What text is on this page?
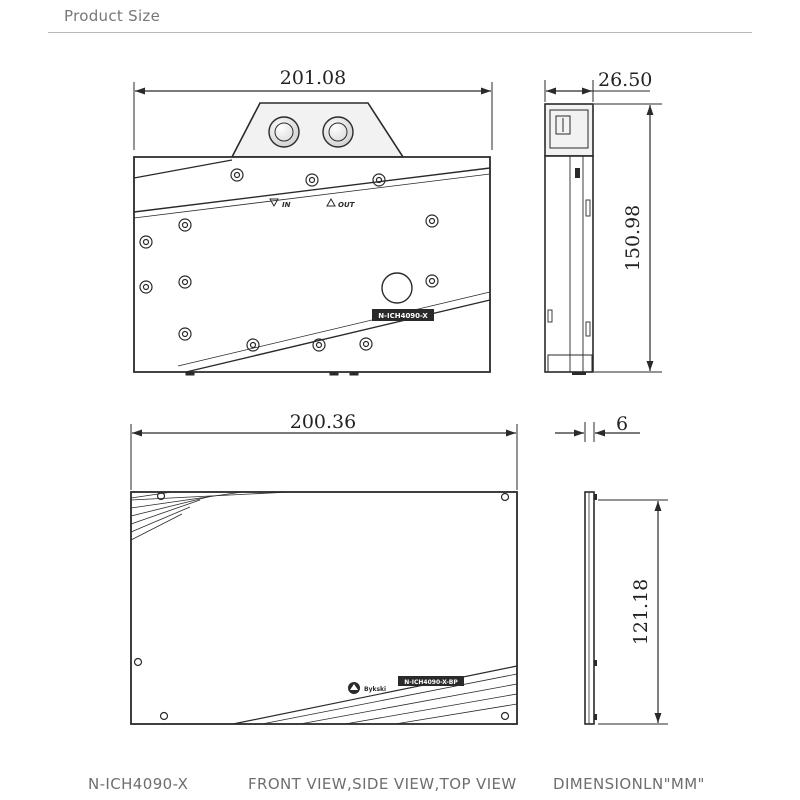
Product Size
201.08
IN	OUT
N-ICH4090-X
26.50
150.98
200.36
Bykski
N-ICH4090-X-BP
6
121.18
N-ICH4090-X	FRONT VIEW,SIDE VIEW,TOP VIEW DIMENSIONLN"MM"
